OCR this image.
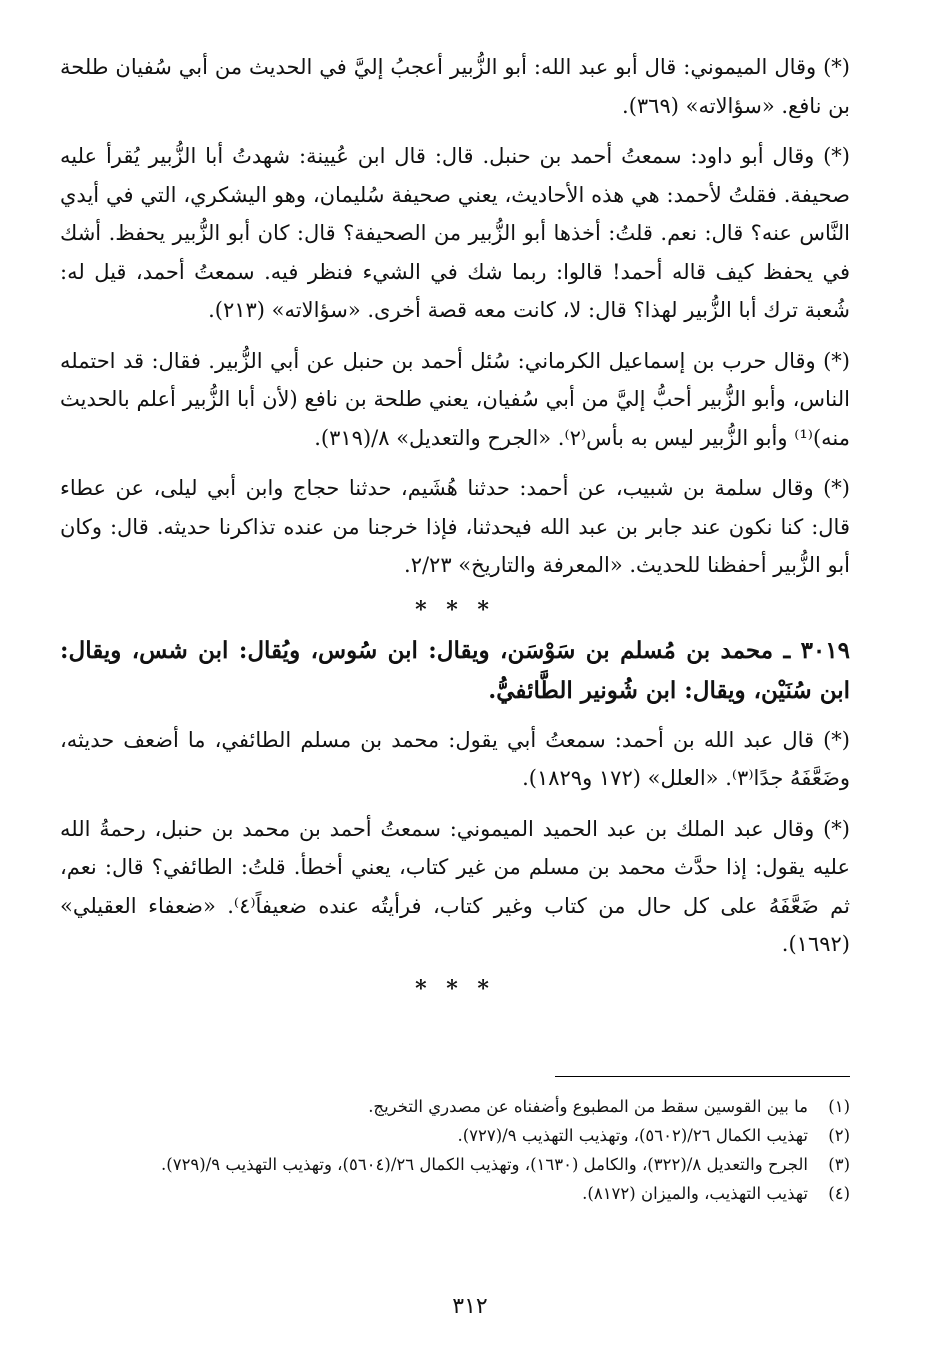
(*) وقال الميموني: قال أبو عبد الله: أبو الزُّبير أعجبُ إليَّ في الحديث من أبي سُفيان طلحة بن نافع. «سؤالاته» (٣٦٩).

(*) وقال أبو داود: سمعتُ أحمد بن حنبل. قال: قال ابن عُيينة: شهدتُ أبا الزُّبير يُقرأ عليه صحيفة. فقلتُ لأحمد: هي هذه الأحاديث، يعني صحيفة سُليمان، وهو اليشكري، التي في أيدي النَّاس عنه؟ قال: نعم. قلتُ: أخذها أبو الزُّبير من الصحيفة؟ قال: كان أبو الزُّبير يحفظ. أشك في يحفظ كيف قاله أحمد! قالوا: ربما شك في الشيء فنظر فيه. سمعتُ أحمد، قيل له: شُعبة ترك أبا الزُّبير لهذا؟ قال: لا، كانت معه قصة أخرى. «سؤالاته» (٢١٣).

(*) وقال حرب بن إسماعيل الكرماني: سُئل أحمد بن حنبل عن أبي الزُّبير. فقال: قد احتمله الناس، وأبو الزُّبير أحبُّ إليَّ من أبي سُفيان، يعني طلحة بن نافع (لأن أبا الزُّبير أعلم بالحديث منه)⁽¹⁾ وأبو الزُّبير ليس به بأس⁽٢⁾. «الجرح والتعديل» ٨/(٣١٩).

(*) وقال سلمة بن شبيب، عن أحمد: حدثنا هُشَيم، حدثنا حجاج وابن أبي ليلى، عن عطاء قال: كنا نكون عند جابر بن عبد الله فيحدثنا، فإذا خرجنا من عنده تذاكرنا حديثه. قال: وكان أبو الزُّبير أحفظنا للحديث. «المعرفة والتاريخ» ٢/٢٣.

* * *

٣٠١٩ ـ محمد بن مُسلم بن سَوْسَن، ويقال: ابن سُوس، ويُقال: ابن شس، ويقال: ابن سُنَيْن، ويقال: ابن شُونير الطَّائفيُّ.

(*) قال عبد الله بن أحمد: سمعتُ أبي يقول: محمد بن مسلم الطائفي، ما أضعف حديثه، وضَعَّفَهُ جدًا⁽٣⁾. «العلل» (١٧٢ و١٨٢٩).

(*) وقال عبد الملك بن عبد الحميد الميموني: سمعتُ أحمد بن محمد بن حنبل، رحمةُ الله عليه يقول: إذا حدَّث محمد بن مسلم من غير كتاب، يعني أخطأ. قلتُ: الطائفي؟ قال: نعم، ثم ضَعَّفَهُ على كل حال من كتاب وغير كتاب، فرأيتُه عنده ضعيفاً⁽٤⁾. «ضعفاء العقيلي» (١٦٩٢).

* * *
(١)
ما بين القوسين سقط من المطبوع وأضفناه عن مصدري التخريج.
(٢)
تهذيب الكمال ٢٦/(٥٦٠٢)، وتهذيب التهذيب ٩/(٧٢٧).
(٣)
الجرح والتعديل ٨/(٣٢٢)، والكامل (١٦٣٠)، وتهذيب الكمال ٢٦/(٥٦٠٤)، وتهذيب التهذيب ٩/(٧٢٩).
(٤)
تهذيب التهذيب، والميزان (٨١٧٢).
٣١٢
